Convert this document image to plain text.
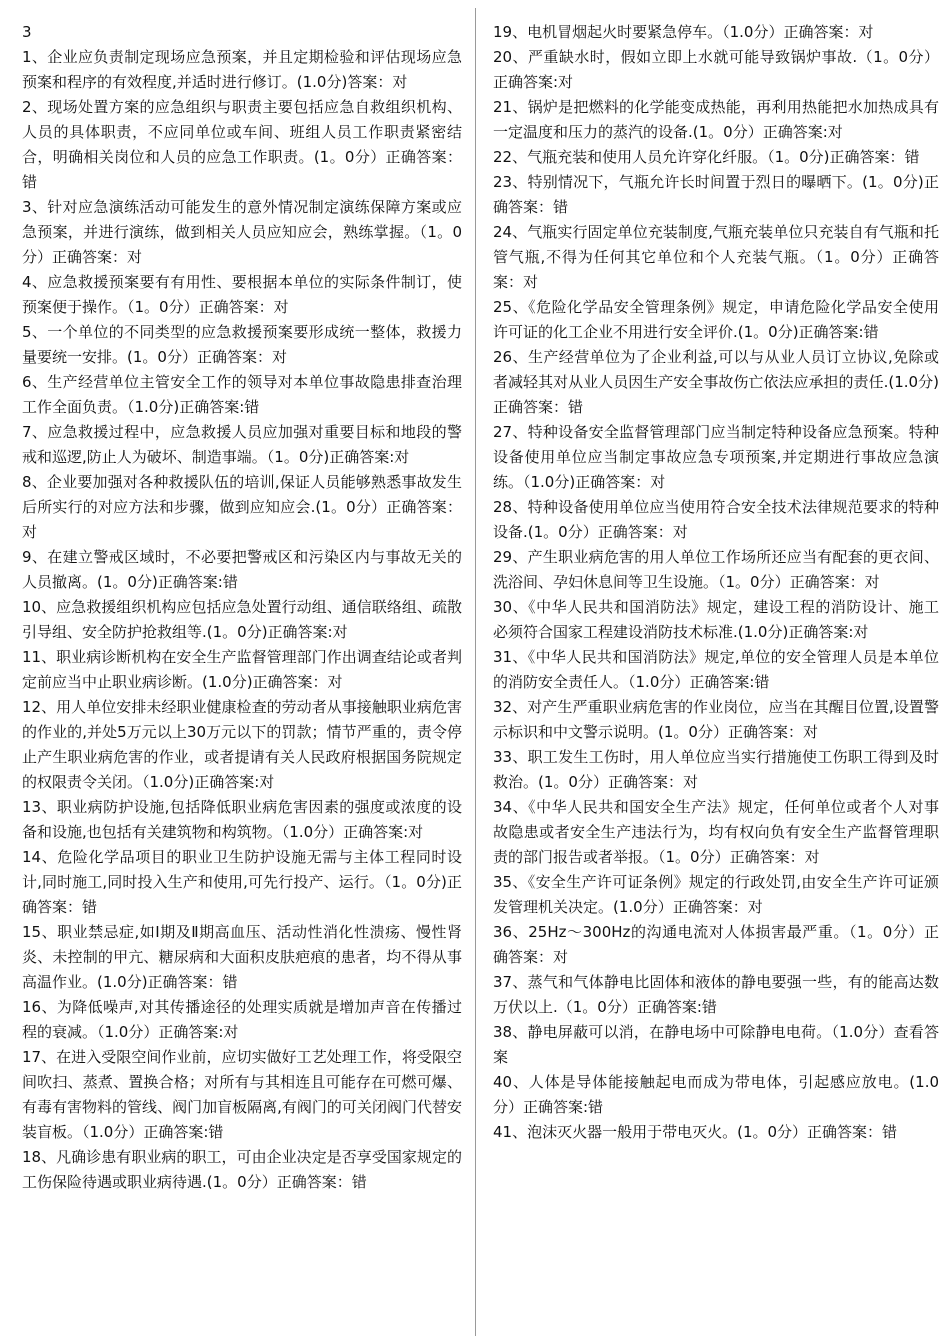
3

1、企业应负责制定现场应急预案，并且定期检验和评估现场应急预案和程序的有效程度,并适时进行修订。(1.0分)答案：对

2、现场处置方案的应急组织与职责主要包括应急自救组织机构、人员的具体职责，不应同单位或车间、班组人员工作职责紧密结合，明确相关岗位和人员的应急工作职责。(1。0分）正确答案：错

3、针对应急演练活动可能发生的意外情况制定演练保障方案或应急预案，并进行演练，做到相关人员应知应会，熟练掌握。（1。0分）正确答案：对

4、应急救援预案要有有用性、要根据本单位的实际条件制订，使预案便于操作。（1。0分）正确答案：对

5、一个单位的不同类型的应急救援预案要形成统一整体，救援力量要统一安排。(1。0分）正确答案：对

6、生产经营单位主管安全工作的领导对本单位事故隐患排查治理工作全面负责。（1.0分)正确答案:错

7、应急救援过程中，应急救援人员应加强对重要目标和地段的警戒和巡逻,防止人为破坏、制造事端。（1。0分)正确答案:对

8、企业要加强对各种救援队伍的培训,保证人员能够熟悉事故发生后所实行的对应方法和步骤，做到应知应会.(1。0分）正确答案：对

9、在建立警戒区域时，不必要把警戒区和污染区内与事故无关的人员撤离。(1。0分)正确答案:错

10、应急救援组织机构应包括应急处置行动组、通信联络组、疏散引导组、安全防护抢救组等.(1。0分)正确答案:对

11、职业病诊断机构在安全生产监督管理部门作出调查结论或者判定前应当中止职业病诊断。(1.0分)正确答案：对

12、用人单位安排未经职业健康检查的劳动者从事接触职业病危害的作业的,并处5万元以上30万元以下的罚款；情节严重的，责令停止产生职业病危害的作业，或者提请有关人民政府根据国务院规定的权限责令关闭。（1.0分)正确答案:对

13、职业病防护设施,包括降低职业病危害因素的强度或浓度的设备和设施,也包括有关建筑物和构筑物。（1.0分）正确答案:对

14、危险化学品项目的职业卫生防护设施无需与主体工程同时设计,同时施工,同时投入生产和使用,可先行投产、运行。（1。0分)正确答案：错

15、职业禁忌症,如Ⅰ期及Ⅱ期高血压、活动性消化性溃疡、慢性肾炎、未控制的甲亢、糖尿病和大面积皮肤疤痕的患者，均不得从事高温作业。(1.0分)正确答案：错

16、为降低噪声,对其传播途径的处理实质就是增加声音在传播过程的衰减。（1.0分）正确答案:对

17、在进入受限空间作业前，应切实做好工艺处理工作，将受限空间吹扫、蒸煮、置换合格；对所有与其相连且可能存在可燃可爆、有毒有害物料的管线、阀门加盲板隔离,有阀门的可关闭阀门代替安装盲板。（1.0分）正确答案:错

18、凡确诊患有职业病的职工，可由企业决定是否享受国家规定的工伤保险待遇或职业病待遇.(1。0分）正确答案：错

19、电机冒烟起火时要紧急停车。（1.0分）正确答案：对

20、严重缺水时，假如立即上水就可能导致锅炉事故.（1。0分）正确答案:对

21、锅炉是把燃料的化学能变成热能，再利用热能把水加热成具有一定温度和压力的蒸汽的设备.(1。0分）正确答案:对

22、气瓶充装和使用人员允许穿化纤服。（1。0分)正确答案：错

23、特别情况下，气瓶允许长时间置于烈日的曝晒下。(1。0分)正确答案：错

24、气瓶实行固定单位充装制度,气瓶充装单位只充装自有气瓶和托管气瓶,不得为任何其它单位和个人充装气瓶。（1。0分）正确答案：对

25、《危险化学品安全管理条例》规定，申请危险化学品安全使用许可证的化工企业不用进行安全评价.(1。0分)正确答案:错

26、生产经营单位为了企业利益,可以与从业人员订立协议,免除或者减轻其对从业人员因生产安全事故伤亡依法应承担的责任.(1.0分)正确答案：错

27、特种设备安全监督管理部门应当制定特种设备应急预案。特种设备使用单位应当制定事故应急专项预案,并定期进行事故应急演练。（1.0分)正确答案：对

28、特种设备使用单位应当使用符合安全技术法律规范要求的特种设备.(1。0分）正确答案：对

29、产生职业病危害的用人单位工作场所还应当有配套的更衣间、洗浴间、孕妇休息间等卫生设施。（1。0分）正确答案：对

30、《中华人民共和国消防法》规定，建设工程的消防设计、施工必须符合国家工程建设消防技术标准.(1.0分)正确答案:对

31、《中华人民共和国消防法》规定,单位的安全管理人员是本单位的消防安全责任人。（1.0分）正确答案:错

32、对产生严重职业病危害的作业岗位，应当在其醒目位置,设置警示标识和中文警示说明。(1。0分）正确答案：对

33、职工发生工伤时，用人单位应当实行措施使工伤职工得到及时救治。(1。0分）正确答案：对

34、《中华人民共和国安全生产法》规定，任何单位或者个人对事故隐患或者安全生产违法行为，均有权向负有安全生产监督管理职责的部门报告或者举报。（1。0分）正确答案：对

35、《安全生产许可证条例》规定的行政处罚,由安全生产许可证颁发管理机关决定。(1.0分）正确答案：对

36、25Hz～300Hz的沟通电流对人体损害最严重。（1。0分）正确答案：对

37、蒸气和气体静电比固体和液体的静电要强一些，有的能高达数万伏以上.（1。0分）正确答案:错

38、静电屏蔽可以消，在静电场中可除静电电荷。（1.0分）查看答案

40、人体是导体能接触起电而成为带电体，引起感应放电。(1.0分）正确答案:错

41、泡沫灭火器一般用于带电灭火。(1。0分）正确答案：错
